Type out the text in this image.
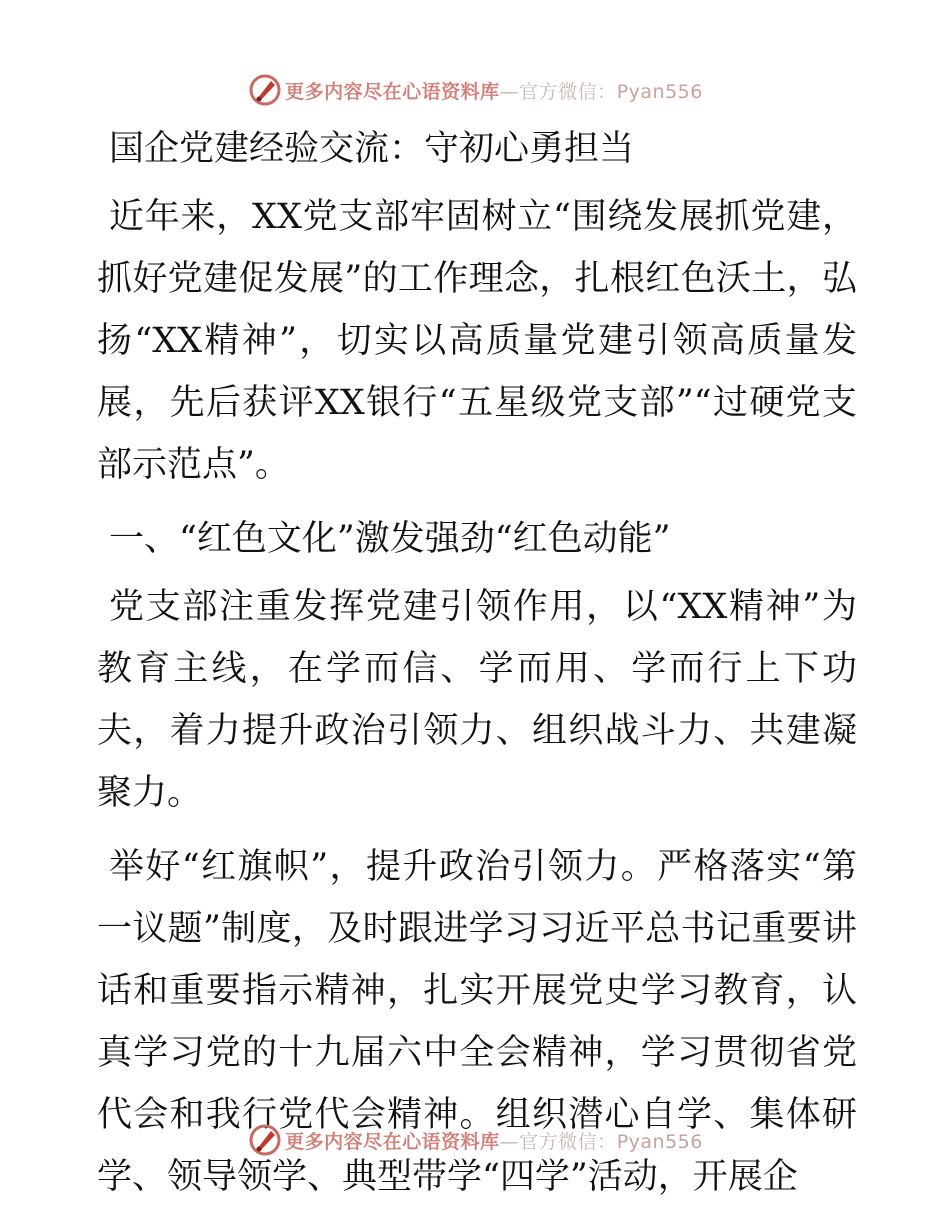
更多内容尽在心语资料库—官方微信：Pyan556

国企党建经验交流：守初心勇担当

近年来，XX党支部牢固树立“围绕发展抓党建，抓好党建促发展”的工作理念，扎根红色沃土，弘扬“XX精神”，切实以高质量党建引领高质量发展，先后获评XX银行“五星级党支部”“过硬党支部示范点”。

一、“红色文化”激发强劲“红色动能”

党支部注重发挥党建引领作用，以“XX精神”为教育主线，在学而信、学而用、学而行上下功夫，着力提升政治引领力、组织战斗力、共建凝聚力。

举好“红旗帜”，提升政治引领力。严格落实“第一议题”制度，及时跟进学习习近平总书记重要讲话和重要指示精神，扎实开展党史学习教育，认真学习党的十九届六中全会精神，学习贯彻省党代会和我行党代会精神。组织潜心自学、集体研学、领导领学、典型带学“四学”活动，开展企

更多内容尽在心语资料库—官方微信：Pyan556
